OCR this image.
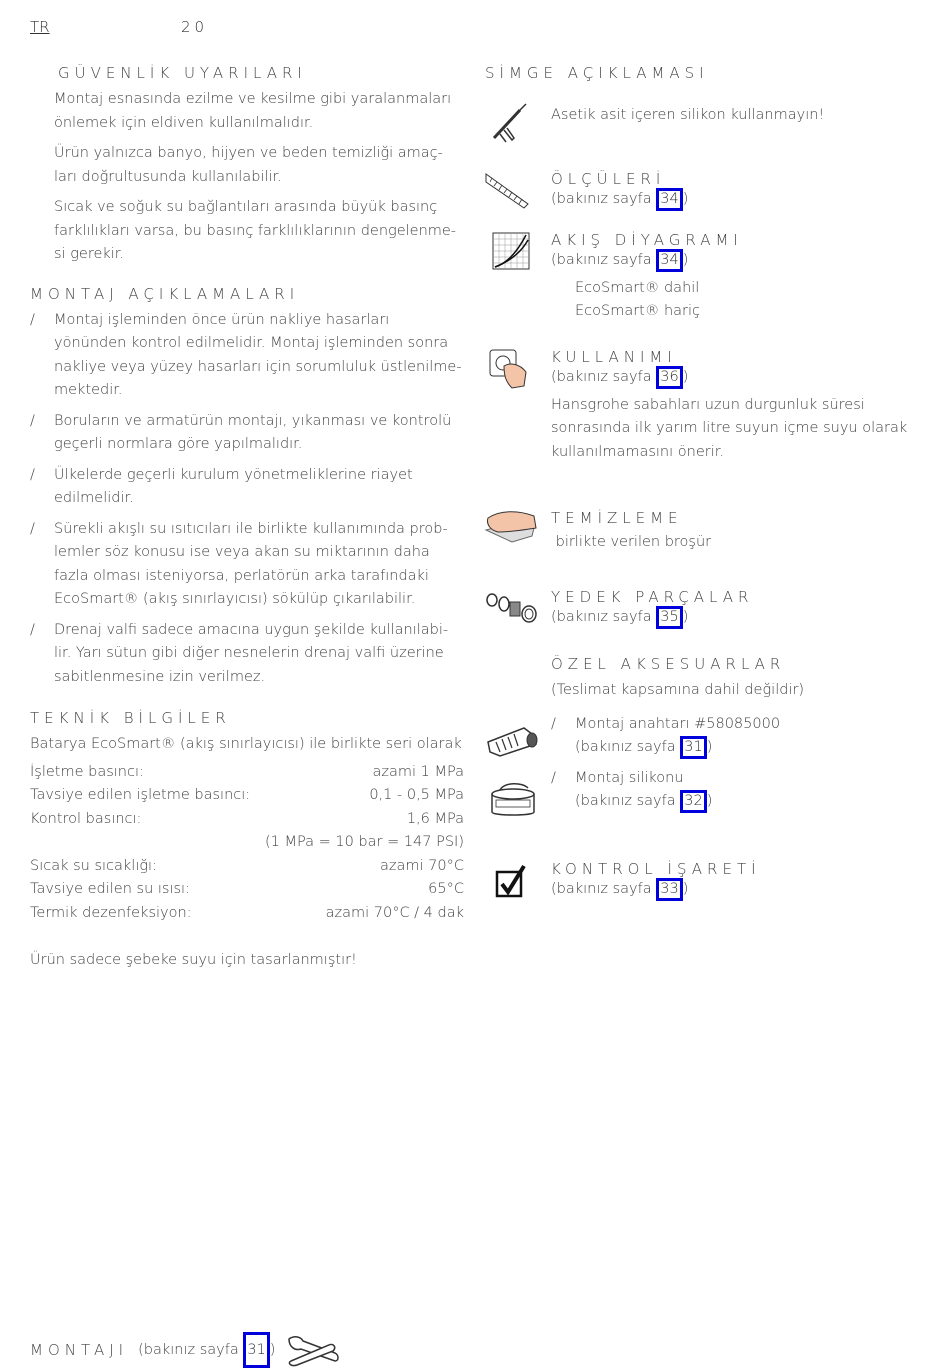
TR	20
GÜVENLİK UYARILARI
Montaj esnasında ezilme ve kesilme gibi yaralanmaları
önlemek için eldiven kullanılmalıdır.
Ürün yalnızca banyo, hijyen ve beden temizliği amaç-
ları doğrultusunda kullanılabilir.
Sıcak ve soğuk su bağlantıları arasında büyük basınç
farklılıkları varsa, bu basınç farklılıklarının dengelenme-
si gerekir.
MONTAJ AÇIKLAMALARI
/ Montaj işleminden önce ürün nakliye hasarları
yönünden kontrol edilmelidir. Montaj işleminden sonra
nakliye veya yüzey hasarları için sorumluluk üstlenilme-
mektedir.
/ Boruların ve armatürün montajı, yıkanması ve kontrolü
geçerli normlara göre yapılmalıdır.
/ Ülkelerde geçerli kurulum yönetmeliklerine riayet
edilmelidir.
/ Sürekli akışlı su ısıtıcıları ile birlikte kullanımında prob-
lemler söz konusu ise veya akan su miktarının daha
fazla olması isteniyorsa, perlatörün arka tarafındaki
EcoSmart® (akış sınırlayıcısı) sökülüp çıkarılabilir.
/ Drenaj valfi sadece amacına uygun şekilde kullanılabi-
lir. Yarı sütun gibi diğer nesnelerin drenaj valfi üzerine
sabitlenmesine izin verilmez.
TEKNİK BİLGİLER
Batarya EcoSmart® (akış sınırlayıcısı) ile birlikte seri olarak
İşletme basıncı:	azami 1 MPa
Tavsiye edilen işletme basıncı:	0,1 - 0,5 MPa
Kontrol basıncı:	1,6 MPa
(1 MPa = 10 bar = 147 PSI)
Sıcak su sıcaklığı:	azami 70°C
Tavsiye edilen su ısısı:	65°C
Termik dezenfeksiyon:	azami 70°C / 4 dak
Ürün sadece şebeke suyu için tasarlanmıştır!
SİMGE AÇIKLAMASI
Asetik asit içeren silikon kullanmayın!
ÖLÇÜLERİ
(bakınız sayfa 34 )
AKIŞ DİYAGRAMI
(bakınız sayfa 34 )
EcoSmart® dahil
EcoSmart® hariç
KULLANIMI
(bakınız sayfa 36 )
Hansgrohe sabahları uzun durgunluk süresi
sonrasında ilk yarım litre suyun içme suyu olarak
kullanılmamasını önerir.
TEMİZLEME
birlikte verilen broşür
YEDEK PARÇALAR
(bakınız sayfa 35 )
ÖZEL AKSESUARLAR
(Teslimat kapsamına dahil değildir)
/ Montaj anahtarı #58085000
(bakınız sayfa 31 )
/ Montaj silikonu
(bakınız sayfa 32 )
KONTROL İŞARETİ
(bakınız sayfa 33 )
MONTAJI (bakınız sayfa 31 )
